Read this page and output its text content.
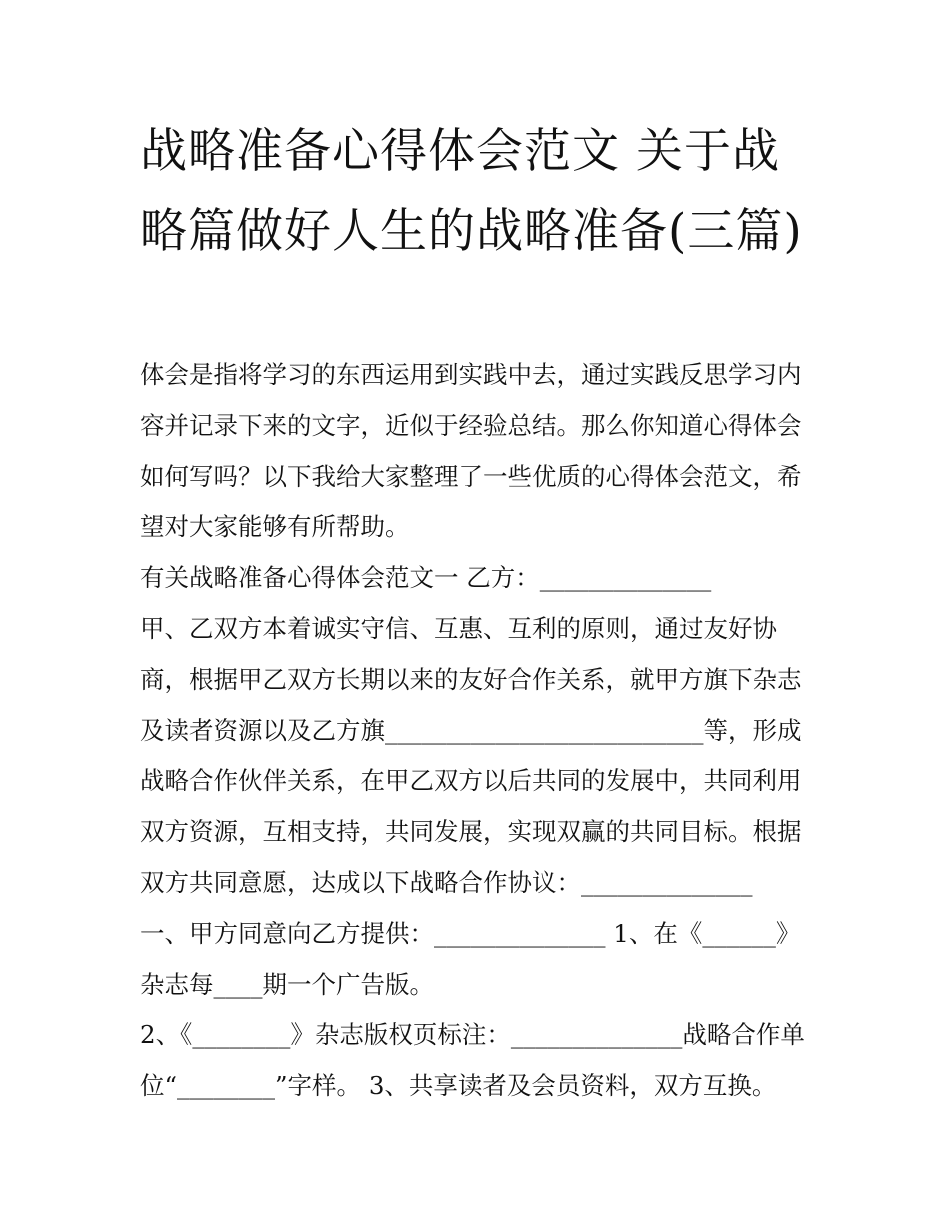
战略准备心得体会范文 关于战略篇做好人生的战略准备(三篇)

体会是指将学习的东西运用到实践中去，通过实践反思学习内容并记录下来的文字，近似于经验总结。那么你知道心得体会如何写吗？以下我给大家整理了一些优质的心得体会范文，希望对大家能够有所帮助。

有关战略准备心得体会范文一 乙方：______________

甲、乙双方本着诚实守信、互惠、互利的原则，通过友好协商，根据甲乙双方长期以来的友好合作关系，就甲方旗下杂志及读者资源以及乙方旗__________________________等，形成战略合作伙伴关系，在甲乙双方以后共同的发展中，共同利用双方资源，互相支持，共同发展，实现双赢的共同目标。根据双方共同意愿，达成以下战略合作协议：______________

一、甲方同意向乙方提供：______________ 1、在《______》杂志每____期一个广告版。

2、《________》杂志版权页标注：______________战略合作单位“________”字样。 3、共享读者及会员资料，双方互换。
